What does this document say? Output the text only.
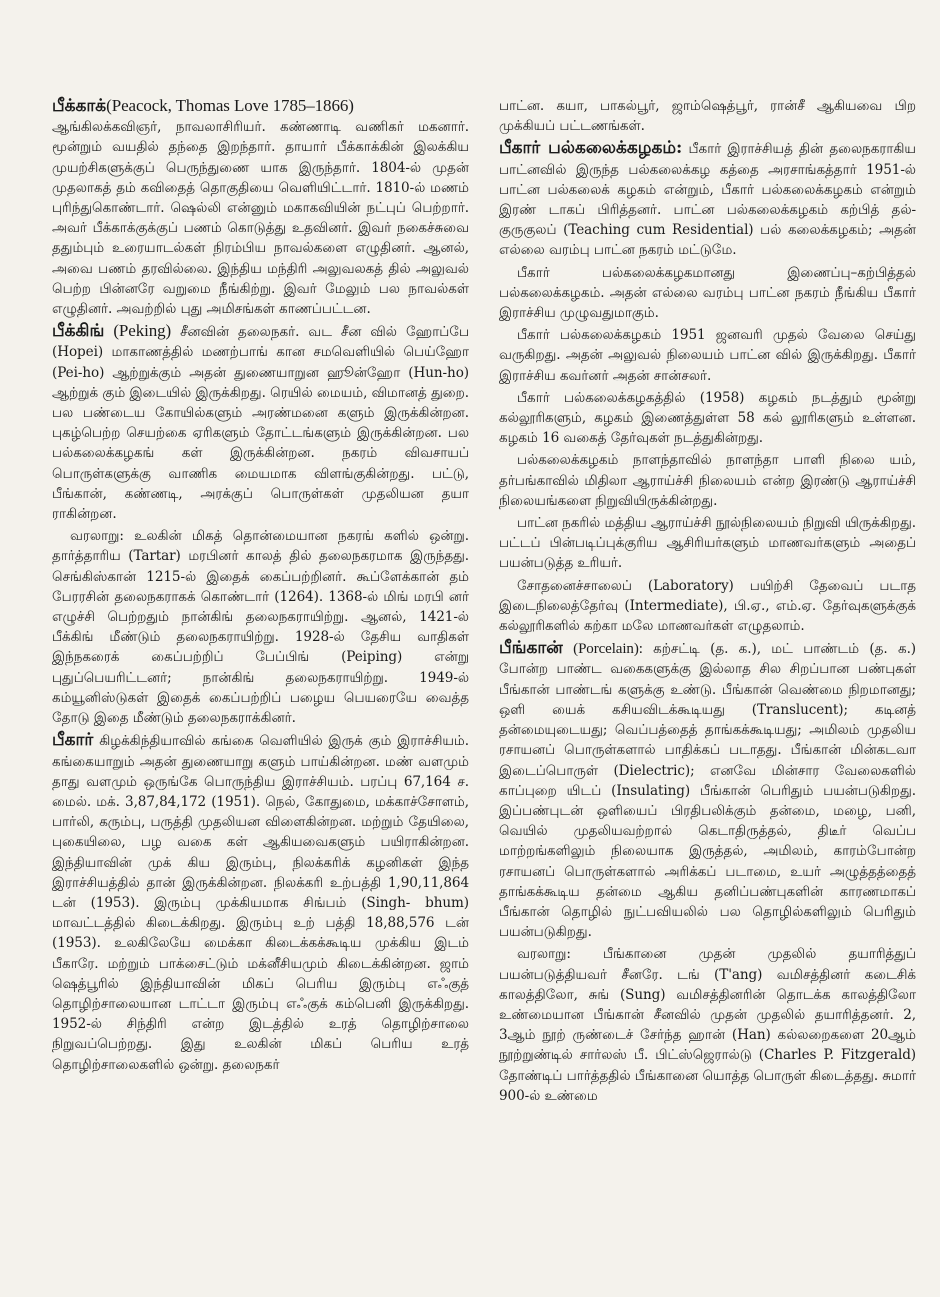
பீக்காக்(Peacock, Thomas Love 1785–1866)

ஆங்கிலக்கவிஞர், நாவலாசிரியர். கண்ணாடி வணிகர் மகனார். மூன்றும் வயதில் தந்தை இறந்தார். தாயார் பீக்காக்கின் இலக்கிய முயற்சிகளுக்குப் பெருந்துணை யாக இருந்தார். 1804-ல் முதன் முதலாகத் தம் கவிதைத் தொகுதியை வெளியிட்டார். 1810-ல் மணம் புரிந்துகொண்டார். ஷெல்லி என்னும் மகாகவியின் நட்புப் பெற்றார். அவர் பீக்காக்குக்குப் பணம் கொடுத்து உதவினர். இவர் நகைச்சுவை ததும்பும் உரையாடல்கள் நிரம்பிய நாவல்களை எழுதினர். ஆனல், அவை பணம் தரவில்லை. இந்திய மந்திரி அலுவலகத் தில் அலுவல் பெற்ற பின்னரே வறுமை நீங்கிற்று. இவர் மேலும் பல நாவல்கள் எழுதினர். அவற்றில் புது அமிசங்கள் காணப்பட்டன.

பீக்கிங் (Peking) சீனவின் தலைநகர். வட சீன வில் ஹோப்பே (Hopei) மாகாணத்தில் மணற்பாங் கான சமவெளியில் பெய்ஹோ (Pei-ho) ஆற்றுக்கும் அதன் துணையாறுன ஹூன்ஹோ (Hun-ho) ஆற்றுக் கும் இடையில் இருக்கிறது. ரெயில் மையம், விமானத் துறை. பல பண்டைய கோயில்களும் அரண்மனை களும் இருக்கின்றன. புகழ்பெற்ற செயற்கை ஏரிகளும் தோட்டங்களும் இருக்கின்றன. பல பல்கலைக்கழகங் கள் இருக்கின்றன. நகரம் விவசாயப் பொருள்களுக்கு வாணிக மையமாக விளங்குகின்றது. பட்டு, பீங்கான், கண்ணடி, அரக்குப் பொருள்கள் முதலியன தயா ராகின்றன.

வரலாறு: உலகின் மிகத் தொன்மையான நகரங் களில் ஒன்று. தார்த்தாரிய (Tartar) மரபினர் காலத் தில் தலைநகரமாக இருந்தது. செங்கிஸ்கான் 1215-ல் இதைக் கைப்பற்றினர். கூப்ளேக்கான் தம் பேரரசின் தலைநகராகக் கொண்டார் (1264). 1368-ல் மிங் மரபி னர் எழுச்சி பெற்றதும் நான்கிங் தலைநகராயிற்று. ஆனல், 1421-ல் பீக்கிங் மீண்டும் தலைநகராயிற்று. 1928-ல் தேசிய வாதிகள் இந்நகரைக் கைப்பற்றிப் பேப்பிங் (Peiping) என்று புதுப்பெயரிட்டனர்; நான்கிங் தலைநகராயிற்று. 1949-ல் கம்யூனிஸ்டுகள் இதைக் கைப்பற்றிப் பழைய பெயரையே வைத்த தோடு இதை மீண்டும் தலைநகராக்கினர்.

பீகார் கிழக்கிந்தியாவில் கங்கை வெளியில் இருக் கும் இராச்சியம். கங்கையாறும் அதன் துணையாறு களும் பாய்கின்றன. மண் வளமும் தாது வளமும் ஒருங்கே பொருந்திய இராச்சியம். பரப்பு 67,164 ச. மைல். மக். 3,87,84,172 (1951). நெல், கோதுமை, மக்காச்சோளம், பார்லி, கரும்பு, பருத்தி முதலியன விளைகின்றன. மற்றும் தேயிலை, புகையிலை, பழ வகை கள் ஆகியவைகளும் பயிராகின்றன. இந்தியாவின் முக் கிய இரும்பு, நிலக்கரிக் கழனிகள் இந்த இராச்சியத்தில் தான் இருக்கின்றன. நிலக்கரி உற்பத்தி 1,90,11,864 டன் (1953). இரும்பு முக்கியமாக சிங்பம் (Singh- bhum) மாவட்டத்தில் கிடைக்கிறது. இரும்பு உற் பத்தி 18,88,576 டன் (1953). உலகிலேயே மைக்கா கிடைக்கக்கூடிய முக்கிய இடம் பீகாரே. மற்றும் பாக்சைட்டும் மக்னீசியமும் கிடைக்கின்றன. ஜாம் ஷெத்பூரில் இந்தியாவின் மிகப் பெரிய இரும்பு எஃகுத் தொழிற்சாலையான டாட்டா இரும்பு எஃகுக் கம்பெனி இருக்கிறது. 1952-ல் சிந்திரி என்ற இடத்தில் உரத் தொழிற்சாலை நிறுவப்பெற்றது. இது உலகின் மிகப் பெரிய உரத் தொழிற்சாலைகளில் ஒன்று. தலைநகர்

பாட்ன. கயா, பாகல்பூர், ஜாம்ஷெத்பூர், ரான்சீ ஆகியவை பிற முக்கியப் பட்டணங்கள்.

பீகார் பல்கலைக்கழகம்: பீகார் இராச்சியத் தின் தலைநகராகிய பாட்னவில் இருந்த பல்கலைக்கழ கத்தை அரசாங்கத்தார் 1951-ல் பாட்ன பல்கலைக் கழகம் என்றும், பீகார் பல்கலைக்கழகம் என்றும் இரண் டாகப் பிரித்தனர். பாட்ன பல்கலைக்கழகம் கற்பித் தல்-குருகுலப் (Teaching cum Residential) பல் கலைக்கழகம்; அதன் எல்லை வரம்பு பாட்ன நகரம் மட்டுமே.

பீகார் பல்கலைக்கழகமானது இணைப்பு–கற்பித்தல் பல்கலைக்கழகம். அதன் எல்லை வரம்பு பாட்ன நகரம் நீங்கிய பீகார் இராச்சிய முழுவதுமாகும்.

பீகார் பல்கலைக்கழகம் 1951 ஜனவரி முதல் வேலை செய்து வருகிறது. அதன் அலுவல் நிலையம் பாட்ன வில் இருக்கிறது. பீகார் இராச்சிய கவர்னர் அதன் சான்சலர்.

பீகார் பல்கலைக்கழகத்தில் (1958) கழகம் நடத்தும் மூன்று கல்லூரிகளும், கழகம் இணைத்துள்ள 58 கல் லூரிகளும் உள்ளன. கழகம் 16 வகைத் தேர்வுகள் நடத்துகின்றது.

பல்கலைக்கழகம் நாளந்தாவில் நாளந்தா பாளி நிலை யம், தர்பங்காவில் மிதிலா ஆராய்ச்சி நிலையம் என்ற இரண்டு ஆராய்ச்சி நிலையங்களை நிறுவியிருக்கின்றது.

பாட்ன நகரில் மத்திய ஆராய்ச்சி நூல்நிலையம் நிறுவி யிருக்கிறது. பட்டப் பின்படிப்புக்குரிய ஆசிரியர்களும் மாணவர்களும் அதைப் பயன்படுத்த உரியர்.

சோதனைச்சாலைப் (Laboratory) பயிற்சி தேவைப் படாத இடைநிலைத்தேர்வு (Intermediate), பி.ஏ., எம்.ஏ. தேர்வுகளுக்குக் கல்லூரிகளில் கற்கா மலே மாணவர்கள் எழுதலாம்.

பீங்கான் (Porcelain): கற்சட்டி (த. க.), மட் பாண்டம் (த. க.) போன்ற பாண்ட வகைகளுக்கு இல்லாத சில சிறப்பான பண்புகள் பீங்கான் பாண்டங் களுக்கு உண்டு. பீங்கான் வெண்மை நிறமானது; ஒளி யைக் கசியவிடக்கூடியது (Translucent); கடினத் தன்மையுடையது; வெப்பத்தைத் தாங்கக்கூடியது; அமிலம் முதலிய ரசாயனப் பொருள்களால் பாதிக்கப் படாதது. பீங்கான் மின்கடவா இடைப்பொருள் (Dielectric); எனவே மின்சார வேலைகளில் காப்புறை யிடப் (Insulating) பீங்கான் பெரிதும் பயன்படுகிறது. இப்பண்புடன் ஒளியைப் பிரதிபலிக்கும் தன்மை, மழை, பனி, வெயில் முதலியவற்றால் கெடாதிருத்தல், திடீர் வெப்ப மாற்றங்களிலும் நிலையாக இருத்தல், அமிலம், காரம்போன்ற ரசாயனப் பொருள்களால் அரிக்கப் படாமை, உயர் அழுத்தத்தைத் தாங்கக்கூடிய தன்மை ஆகிய தனிப்பண்புகளின் காரணமாகப் பீங்கான் தொழில் நுட்பவியலில் பல தொழில்களிலும் பெரிதும் பயன்படுகிறது.

வரலாறு: பீங்கானை முதன் முதலில் தயாரித்துப் பயன்படுத்தியவர் சீனரே. டங் (T'ang) வமிசத்தினர் கடைசிக் காலத்திலோ, சுங் (Sung) வமிசத்தினரின் தொடக்க காலத்திலோ உண்மையான பீங்கான் சீனவில் முதன் முதலில் தயாரித்தனர். 2, 3ஆம் நூற் ருண்டைச் சேர்ந்த ஹான் (Han) கல்லறைகளை 20ஆம் நூற்றுண்டில் சார்லஸ் பீ. பிட்ஸ்ஜெரால்டு (Charles P. Fitzgerald) தோண்டிப் பார்த்ததில் பீங்கானை யொத்த பொருள் கிடைத்தது. சுமார் 900-ல் உண்மை
